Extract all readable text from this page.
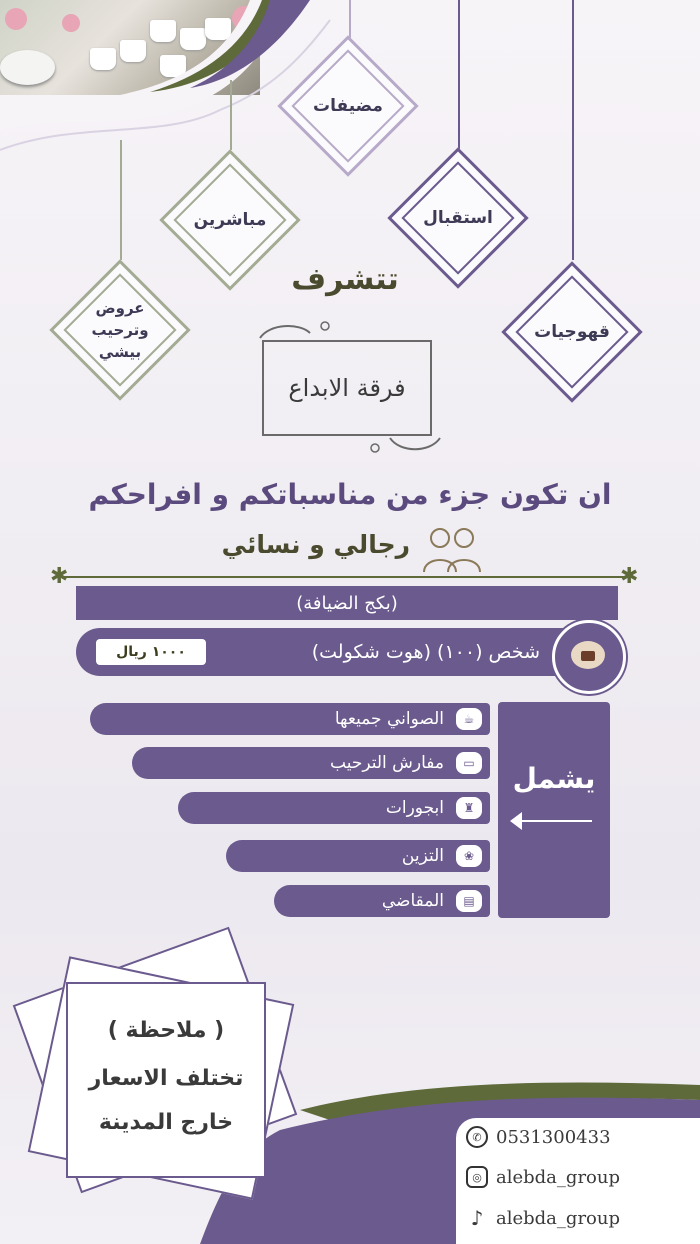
مضيفات
مباشرين	استقبال
عروض وترحيب بيشي
قهوجيات
تتشرف
فرقة الابداع
ان تكون جزء من مناسباتكم و افراحكم
رجالي و نسائي
✱	✱
(بكج الضيافة)
(هوت شكولت) (١٠٠) شخص
١٠٠٠ ريال
يشمل
الصواني جميعها	☕
مفارش الترحيب	▭
ابجورات	♜
التزين	❀
المقاضي	▤
( ملاحظة )
تختلف الاسعار
خارج المدينة
✆ 0531300433
◎ alebda_group
♪ alebda_group
